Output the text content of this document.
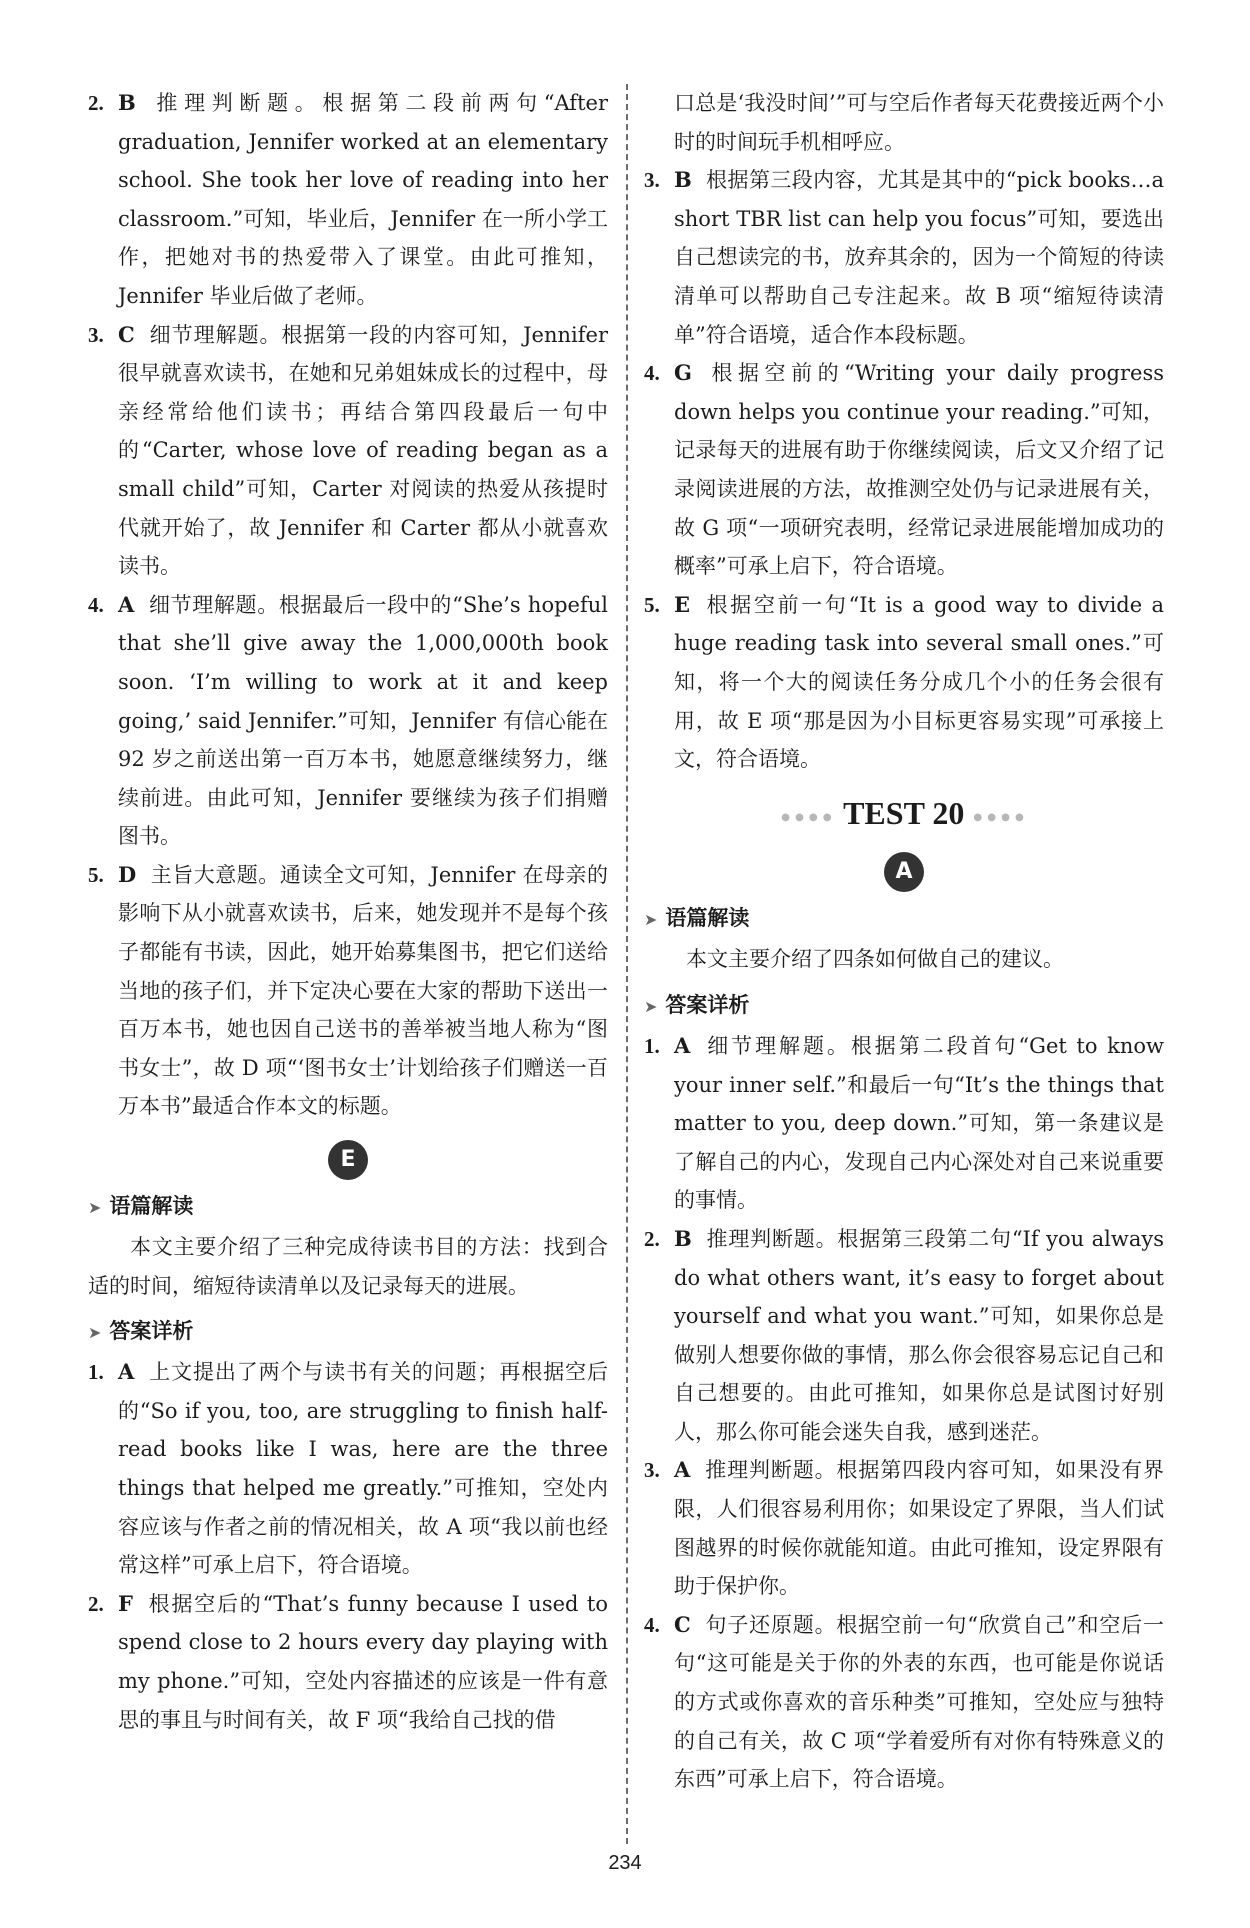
2. B 推理判断题。根据第二段前两句“After graduation, Jennifer worked at an elementary school. She took her love of reading into her classroom.”可知，毕业后，Jennifer 在一所小学工作，把她对书的热爱带入了课堂。由此可推知，Jennifer 毕业后做了老师。
3. C 细节理解题。根据第一段的内容可知，Jennifer 很早就喜欢读书，在她和兄弟姐妹成长的过程中，母亲经常给他们读书；再结合第四段最后一句中的“Carter, whose love of reading began as a small child”可知，Carter 对阅读的热爱从孩提时代就开始了，故 Jennifer 和 Carter 都从小就喜欢读书。
4. A 细节理解题。根据最后一段中的“She’s hopeful that she’ll give away the 1,000,000th book soon. ‘I’m willing to work at it and keep going,’ said Jennifer.”可知，Jennifer 有信心能在 92 岁之前送出第一百万本书，她愿意继续努力，继续前进。由此可知，Jennifer 要继续为孩子们捐赠图书。
5. D 主旨大意题。通读全文可知，Jennifer 在母亲的影响下从小就喜欢读书，后来，她发现并不是每个孩子都能有书读，因此，她开始募集图书，把它们送给当地的孩子们，并下定决心要在大家的帮助下送出一百万本书，她也因自己送书的善举被当地人称为“图书女士”，故 D 项“‘图书女士’计划给孩子们赠送一百万本书”最适合作本文的标题。
E
➤ 语篇解读
本文主要介绍了三种完成待读书目的方法：找到合适的时间，缩短待读清单以及记录每天的进展。
➤ 答案详析
1. A 上文提出了两个与读书有关的问题；再根据空后的“So if you, too, are struggling to finish half-read books like I was, here are the three things that helped me greatly.”可推知，空处内容应该与作者之前的情况相关，故 A 项“我以前也经常这样”可承上启下，符合语境。
2. F 根据空后的“That’s funny because I used to spend close to 2 hours every day playing with my phone.”可知，空处内容描述的应该是一件有意思的事且与时间有关，故 F 项“我给自己找的借
口总是‘我没时间’”可与空后作者每天花费接近两个小时的时间玩手机相呼应。
3. B 根据第三段内容，尤其是其中的“pick books…a short TBR list can help you focus”可知，要选出自己想读完的书，放弃其余的，因为一个简短的待读清单可以帮助自己专注起来。故 B 项“缩短待读清单”符合语境，适合作本段标题。
4. G 根据空前的“Writing your daily progress down helps you continue your reading.”可知，记录每天的进展有助于你继续阅读，后文又介绍了记录阅读进展的方法，故推测空处仍与记录进展有关，故 G 项“一项研究表明，经常记录进展能增加成功的概率”可承上启下，符合语境。
5. E 根据空前一句“It is a good way to divide a huge reading task into several small ones.”可知，将一个大的阅读任务分成几个小的任务会很有用，故 E 项“那是因为小目标更容易实现”可承接上文，符合语境。
●●●● TEST 20 ●●●●
A
➤ 语篇解读
本文主要介绍了四条如何做自己的建议。
➤ 答案详析
1. A 细节理解题。根据第二段首句“Get to know your inner self.”和最后一句“It’s the things that matter to you, deep down.”可知，第一条建议是了解自己的内心，发现自己内心深处对自己来说重要的事情。
2. B 推理判断题。根据第三段第二句“If you always do what others want, it’s easy to forget about yourself and what you want.”可知，如果你总是做别人想要你做的事情，那么你会很容易忘记自己和自己想要的。由此可推知，如果你总是试图讨好别人，那么你可能会迷失自我，感到迷茫。
3. A 推理判断题。根据第四段内容可知，如果没有界限，人们很容易利用你；如果设定了界限，当人们试图越界的时候你就能知道。由此可推知，设定界限有助于保护你。
4. C 句子还原题。根据空前一句“欣赏自己”和空后一句“这可能是关于你的外表的东西，也可能是你说话的方式或你喜欢的音乐种类”可推知，空处应与独特的自己有关，故 C 项“学着爱所有对你有特殊意义的东西”可承上启下，符合语境。
234
